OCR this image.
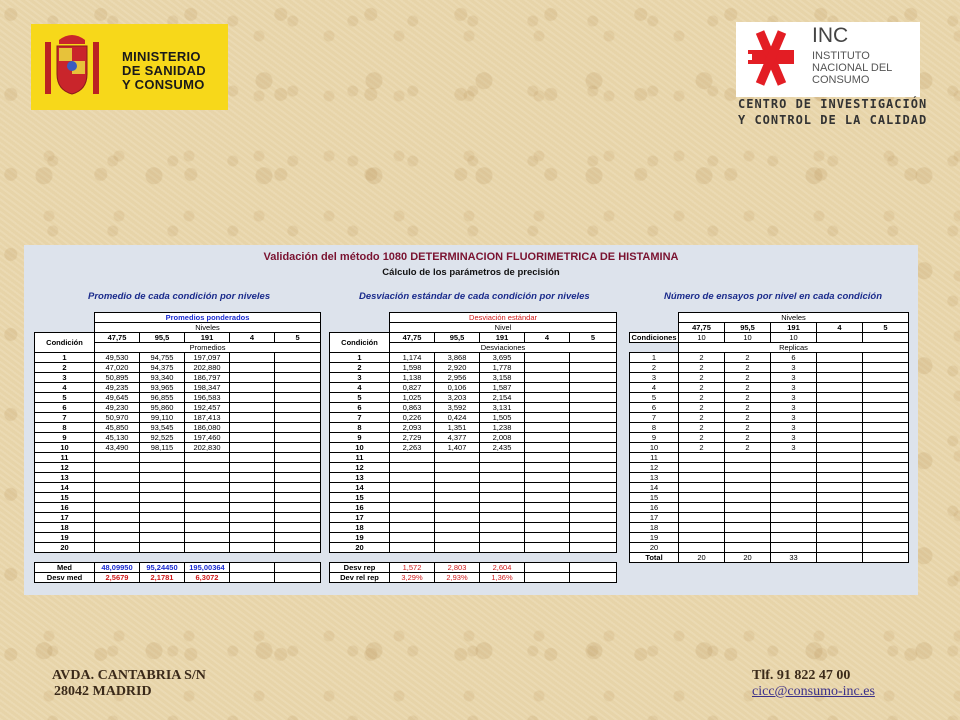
MINISTERIO
DE SANIDAD
Y CONSUMO
INC
INSTITUTO
NACIONAL DEL
CONSUMO
CENTRO DE INVESTIGACIÓN
Y CONTROL DE LA CALIDAD
Validación del método 1080 DETERMINACION FLUORIMETRICA DE HISTAMINA
Cálculo de los parámetros de precisión
Promedio de cada condición por niveles	Desviación estándar de cada condición por niveles	Número de ensayos por nivel en cada condición
	Promedios ponderados				
	Niveles				
Condición	47,75	95,5	191	4	5
	Promedios				
1	49,530	94,755	197,097		
2	47,020	94,375	202,880		
3	50,895	93,340	186,797		
4	49,235	93,965	198,347		
5	49,645	96,855	196,583		
6	49,230	95,860	192,457		
7	50,970	99,110	187,413		
8	45,850	93,545	186,080		
9	45,130	92,525	197,460		
10	43,490	98,115	202,830		
11					
12					
13					
14					
15					
16					
17					
18					
19					
20					

Med	48,09950	95,24450	195,00364		
Desv med	2,5679	2,1781	6,3072		
	Desviación estándar				
	Nivel				
Condición	47,75	95,5	191	4	5
	Desviaciones				
1	1,174	3,868	3,695		
2	1,598	2,920	1,778		
3	1,138	2,956	3,158		
4	0,827	0,106	1,587		
5	1,025	3,203	2,154		
6	0,863	3,592	3,131		
7	0,226	0,424	1,505		
8	2,093	1,351	1,238		
9	2,729	4,377	2,008		
10	2,263	1,407	2,435		
11					
12					
13					
14					
15					
16					
17					
18					
19					
20					

Desv rep	1,572	2,803	2,604		
Dev rel rep	3,29%	2,93%	1,36%		
	Niveles				
	47,75	95,5	191	4	5
Condiciones	10	10	10		
	Replicas				
1	2	2	6		
2	2	2	3		
3	2	2	3		
4	2	2	3		
5	2	2	3		
6	2	2	3		
7	2	2	3		
8	2	2	3		
9	2	2	3		
10	2	2	3		
11					
12					
13					
14					
15					
16					
17					
18					
19					
20					
Total	20	20	33		
AVDA. CANTABRIA S/N
28042 MADRID
Tlf. 91 822 47 00
cicc@consumo-inc.es
